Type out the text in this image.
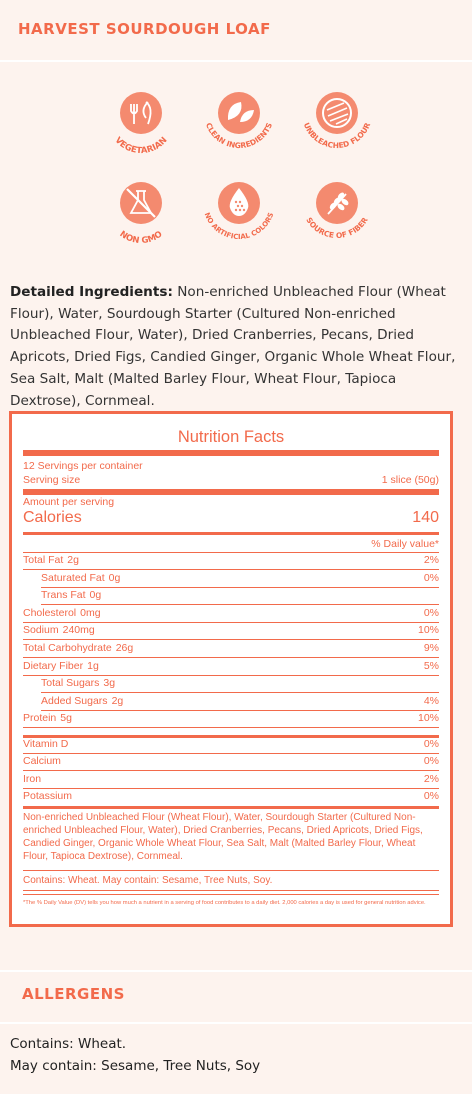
HARVEST SOURDOUGH LOAF
VEGETARIAN
CLEAN INGREDIENTS	UNBLEACHED FLOUR
NON GMO
NO ARTIFICIAL COLORS
SOURCE OF FIBER
Detailed Ingredients: Non-enriched Unbleached Flour (Wheat Flour), Water, Sourdough Starter (Cultured Non-enriched Unbleached Flour, Water), Dried Cranberries, Pecans, Dried Apricots, Dried Figs, Candied Ginger, Organic Whole Wheat Flour, Sea Salt, Malt (Malted Barley Flour, Wheat Flour, Tapioca Dextrose), Cornmeal.
Nutrition Facts
12 Servings per container
Serving size	1 slice (50g)
Amount per serving
Calories	140
% Daily value*
Total Fat 2g	2%
Saturated Fat 0g	0%
Trans Fat 0g
Cholesterol 0mg	0%
Sodium 240mg	10%
Total Carbohydrate 26g	9%
Dietary Fiber 1g	5%
Total Sugars 3g
Added Sugars 2g	4%
Protein 5g	10%
Vitamin D	0%
Calcium	0%
Iron	2%
Potassium	0%
Non-enriched Unbleached Flour (Wheat Flour), Water, Sourdough Starter (Cultured Non-enriched Unbleached Flour, Water), Dried Cranberries, Pecans, Dried Apricots, Dried Figs, Candied Ginger, Organic Whole Wheat Flour, Sea Salt, Malt (Malted Barley Flour, Wheat Flour, Tapioca Dextrose), Cornmeal.
Contains: Wheat. May contain: Sesame, Tree Nuts, Soy.
*The % Daily Value (DV) tells you how much a nutrient in a serving of food contributes to a daily diet. 2,000 calories a day is used for general nutrition advice.
ALLERGENS
Contains: Wheat.
May contain: Sesame, Tree Nuts, Soy
